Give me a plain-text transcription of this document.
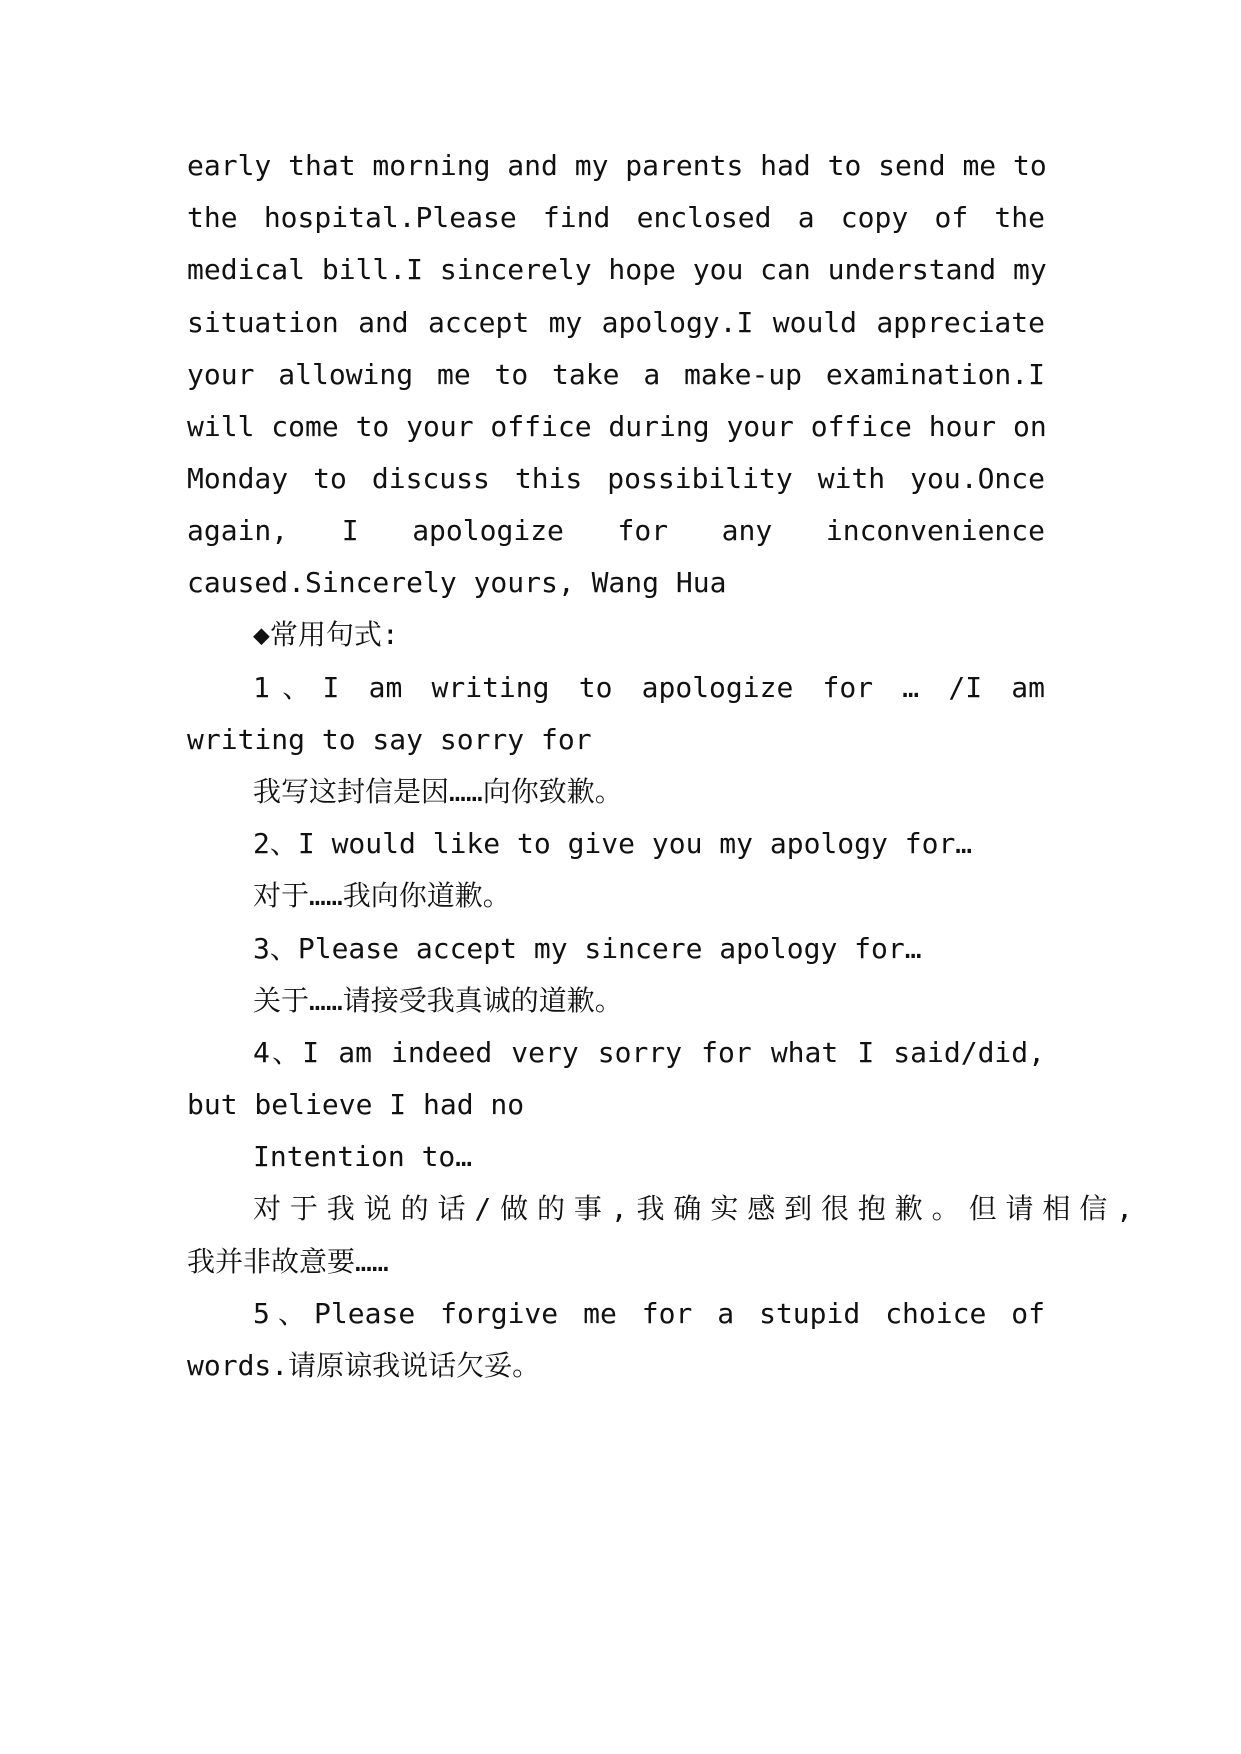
early that morning and my parents had to send me to
the hospital.Please find enclosed a copy of the
medical bill.I sincerely hope you can understand my
situation and accept my apology.I would appreciate
your allowing me to take a make-up examination.I
will come to your office during your office hour on
Monday to discuss this possibility with you.Once
again, I apologize for any inconvenience
caused.Sincerely yours, Wang Hua
◆常用句式:
1、I am writing to apologize for … /I am
writing to say sorry for
我写这封信是因……向你致歉。
2、I would like to give you my apology for…
对于……我向你道歉。
3、Please accept my sincere apology for…
关于……请接受我真诚的道歉。
4、I am indeed very sorry for what I said/did,
but believe I had no
Intention to…
对于我说的话/做的事,我确实感到很抱歉。但请相信,
我并非故意要……
5、Please forgive me for a stupid choice of
words.请原谅我说话欠妥。
